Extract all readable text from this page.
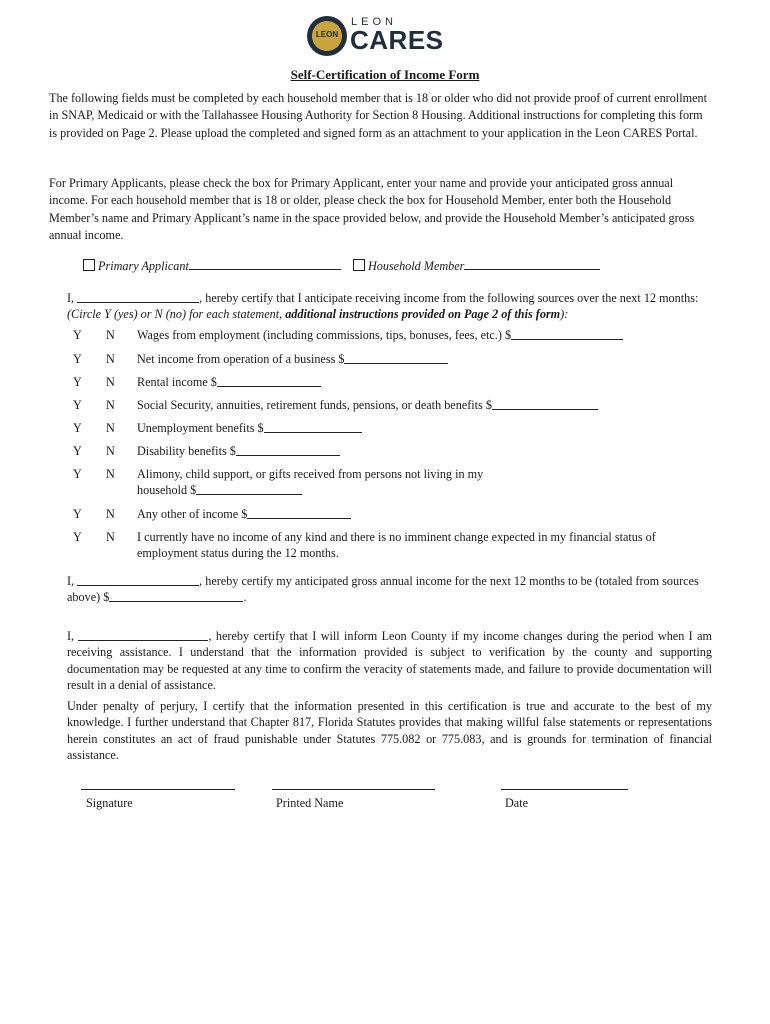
LEON
LEON
CARES
Self-Certification of Income Form

The following fields must be completed by each household member that is 18 or older who did not provide proof of current enrollment in SNAP, Medicaid or with the Tallahassee Housing Authority for Section 8 Housing. Additional instructions for completing this form is provided on Page 2. Please upload the completed and signed form as an attachment to your application in the Leon CARES Portal.

For Primary Applicants, please check the box for Primary Applicant, enter your name and provide your anticipated gross annual income. For each household member that is 18 or older, please check the box for Household Member, enter both the Household Member’s name and Primary Applicant’s name in the space provided below, and provide the Household Member’s anticipated gross annual income.

Primary Applicant	Household Member

I,	, hereby certify that I anticipate receiving income from the following sources over the next 12 months: (Circle Y (yes) or N (no) for each statement, additional instructions provided on Page 2 of this form):

Y N Wages from employment (including commissions, tips, bonuses, fees, etc.) $
Y N Net income from operation of a business $
Y N Rental income $
Y N Social Security, annuities, retirement funds, pensions, or death benefits $
Y N Unemployment benefits $
Y N Disability benefits $
Y N Alimony, child support, or gifts received from persons not living in my household $
Y N Any other of income $
Y N I currently have no income of any kind and there is no imminent change expected in my financial status of employment status during the 12 months.

I,	, hereby certify my anticipated gross annual income for the next 12 months to be (totaled from sources above) $	.

I,	, hereby certify that I will inform Leon County if my income changes during the period when I am receiving assistance. I understand that the information provided is subject to verification by the county and supporting documentation may be requested at any time to confirm the veracity of statements made, and failure to provide documentation will result in a denial of assistance.

Under penalty of perjury, I certify that the information presented in this certification is true and accurate to the best of my knowledge. I further understand that Chapter 817, Florida Statutes provides that making willful false statements or representations herein constitutes an act of fraud punishable under Statutes 775.082 or 775.083, and is grounds for termination of financial assistance.

Signature	Printed Name	Date
